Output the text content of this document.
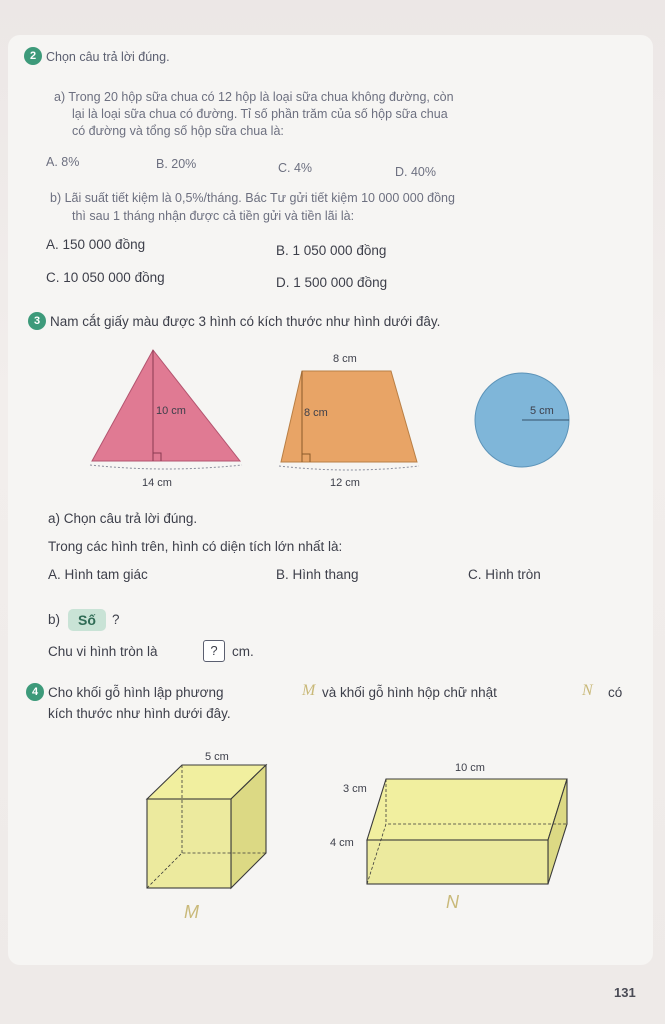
2 Chọn câu trả lời đúng.
a) Trong 20 hộp sữa chua có 12 hộp là loại sữa chua không đường, còn
lại là loại sữa chua có đường. Tỉ số phần trăm của số hộp sữa chua
có đường và tổng số hộp sữa chua là:
A. 8%	B. 20%	C. 4%	D. 40%
b) Lãi suất tiết kiệm là 0,5%/tháng. Bác Tư gửi tiết kiệm 10 000 000 đồng
thì sau 1 tháng nhận được cả tiền gửi và tiền lãi là:
A. 150 000 đồng	B. 1 050 000 đồng
C. 10 050 000 đồng	D. 1 500 000 đồng
3 Nam cắt giấy màu được 3 hình có kích thước như hình dưới đây.
10 cm
14 cm
8 cm
8 cm
12 cm
5 cm
a) Chọn câu trả lời đúng.
Trong các hình trên, hình có diện tích lớn nhất là:
A. Hình tam giác	B. Hình thang	C. Hình tròn
b)	Số	?
Chu vi hình tròn là	?	cm.
4 Cho khối gỗ hình lập phương	M và khối gỗ hình hộp chữ nhật	N có
kích thước như hình dưới đây.
5 cm
M
10 cm
3 cm
4 cm
N
131
